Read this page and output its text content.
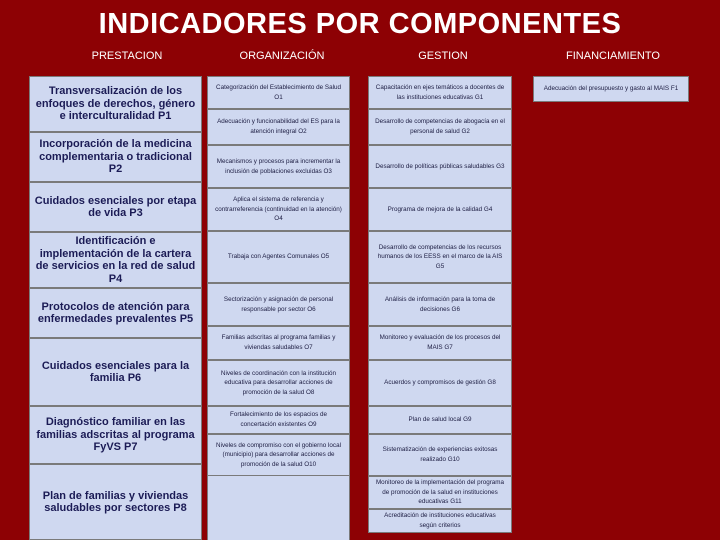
INDICADORES POR COMPONENTES
PRESTACION	ORGANIZACIÓN	GESTION	FINANCIAMIENTO
Transversalización de los enfoques de derechos, género e interculturalidad P1
Incorporación de la medicina complementaria o tradicional P2
Cuidados esenciales por etapa de vida P3
Identificación e implementación de la cartera de servicios en la red de salud P4
Protocolos de atención para enfermedades prevalentes P5
Cuidados esenciales para la familia P6
Diagnóstico familiar en las familias adscritas al programa FyVS P7
Plan de familias y viviendas saludables por sectores P8
Categorización del Establecimiento de Salud O1
Adecuación y funcionabilidad del ES para la atención integral O2
Mecanismos y procesos para incrementar la inclusión de poblaciones excluidas O3
Aplica el sistema de referencia y contrarreferencia (continuidad en la atención) O4
Trabaja con Agentes Comunales O5
Sectorización y asignación de personal responsable por sector O6
Familias adscritas al programa familias y viviendas saludables O7
Niveles de coordinación con la institución educativa para desarrollar acciones de promoción de la salud O8
Fortalecimiento de los espacios de concertación existentes O9
Niveles de compromiso con el gobierno local (municipio) para desarrollar acciones de promoción de la salud O10
Capacitación en ejes temáticos a docentes de las instituciones educativas G1
Desarrollo de competencias de abogacía en el personal de salud G2
Desarrollo de políticas públicas saludables G3
Programa de mejora de la calidad G4
Desarrollo de competencias de los recursos humanos de los EESS en el marco de la AIS G5
Análisis de información para la toma de decisiones G6
Monitoreo y evaluación de los procesos del MAIS G7
Acuerdos y compromisos de gestión G8
Plan de salud local G9
Sistematización de experiencias exitosas realizado G10
Monitoreo de la implementación del programa de promoción de la salud en instituciones educativas G11
Acreditación de instituciones educativas según criterios
Adecuación del presupuesto y gasto al MAIS F1
